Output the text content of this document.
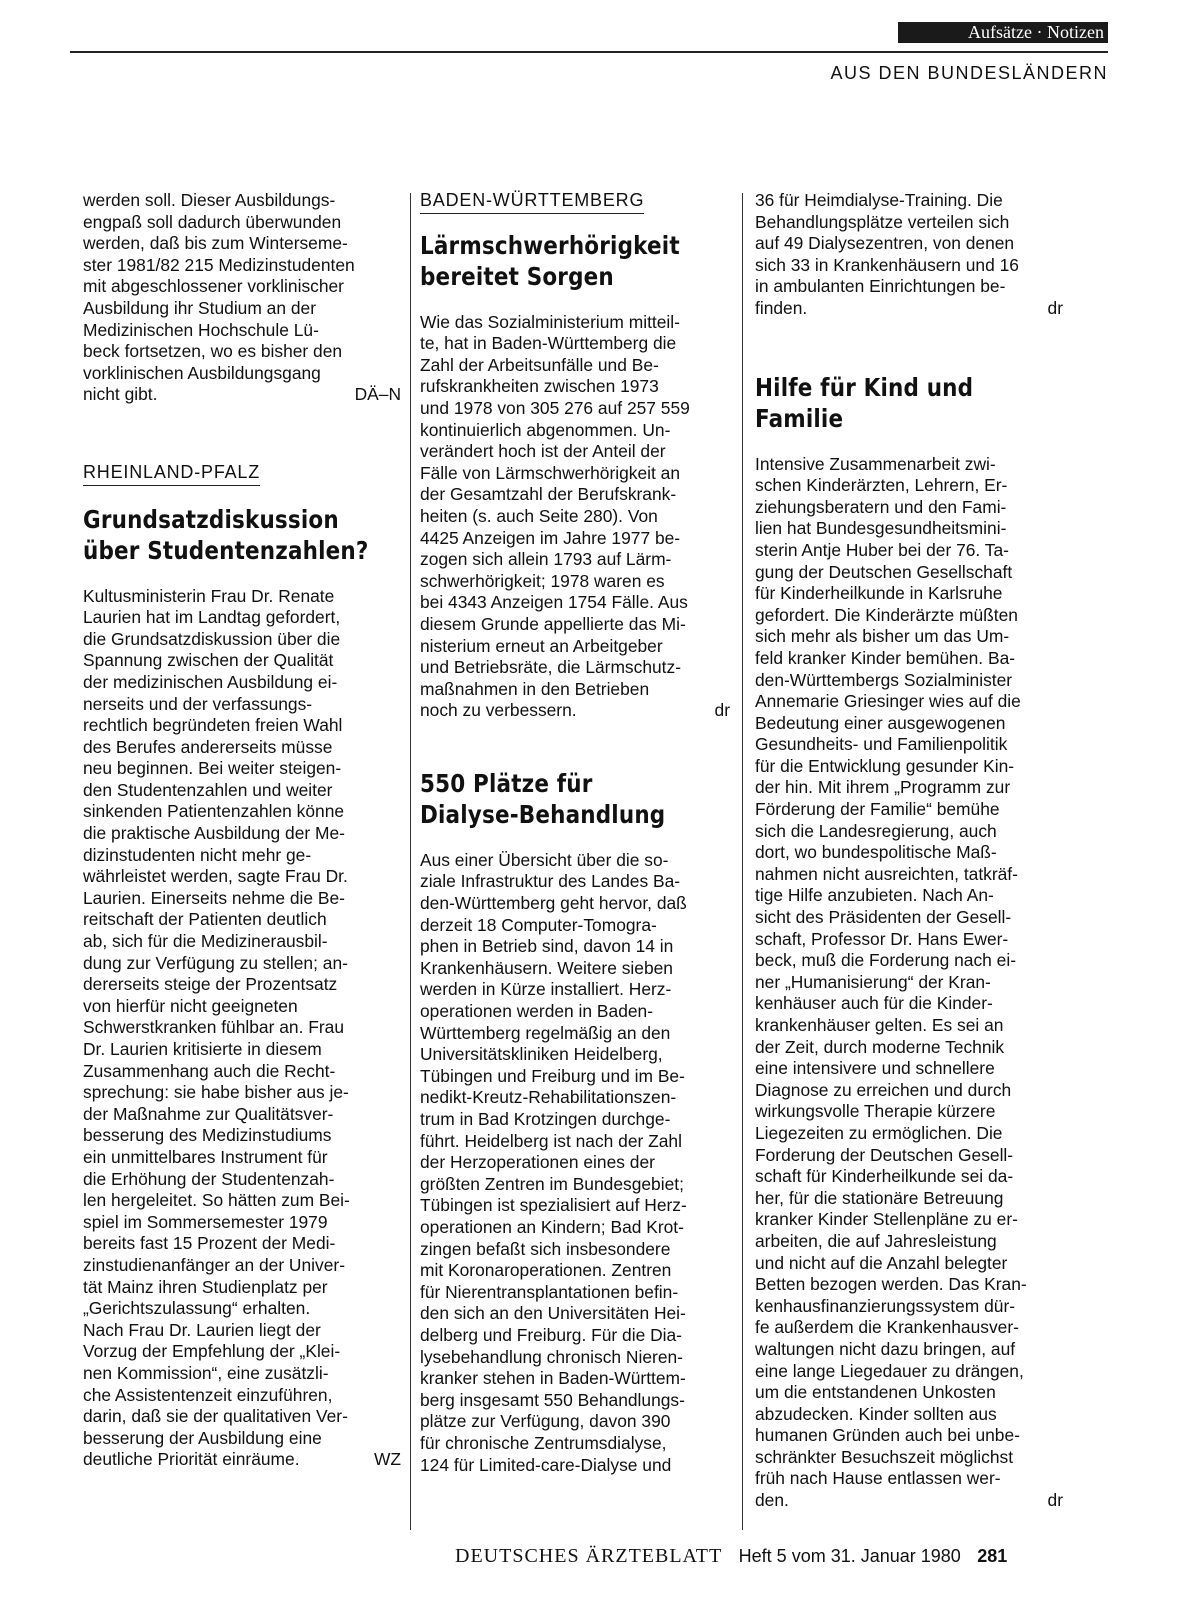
Aufsätze · Notizen
AUS DEN BUNDESLÄNDERN

werden soll. Dieser Ausbildungs-
engpaß soll dadurch überwunden
werden, daß bis zum Winterseme-
ster 1981/82 215 Medizinstudenten
mit abgeschlossener vorklinischer
Ausbildung ihr Studium an der
Medizinischen Hochschule Lü-
beck fortsetzen, wo es bisher den
vorklinischen Ausbildungsgang
nicht gibt.	DÄ–N

RHEINLAND-PFALZ
Grundsatzdiskussion
über Studentenzahlen?

Kultusministerin Frau Dr. Renate
Laurien hat im Landtag gefordert,
die Grundsatzdiskussion über die
Spannung zwischen der Qualität
der medizinischen Ausbildung ei-
nerseits und der verfassungs-
rechtlich begründeten freien Wahl
des Berufes andererseits müsse
neu beginnen. Bei weiter steigen-
den Studentenzahlen und weiter
sinkenden Patientenzahlen könne
die praktische Ausbildung der Me-
dizinstudenten nicht mehr ge-
währleistet werden, sagte Frau Dr.
Laurien. Einerseits nehme die Be-
reitschaft der Patienten deutlich
ab, sich für die Medizinerausbil-
dung zur Verfügung zu stellen; an-
dererseits steige der Prozentsatz
von hierfür nicht geeigneten
Schwerstkranken fühlbar an. Frau
Dr. Laurien kritisierte in diesem
Zusammenhang auch die Recht-
sprechung: sie habe bisher aus je-
der Maßnahme zur Qualitätsver-
besserung des Medizinstudiums
ein unmittelbares Instrument für
die Erhöhung der Studentenzah-
len hergeleitet. So hätten zum Bei-
spiel im Sommersemester 1979
bereits fast 15 Prozent der Medi-
zinstudienanfänger an der Univer-
tät Mainz ihren Studienplatz per
„Gerichtszulassung“ erhalten.
Nach Frau Dr. Laurien liegt der
Vorzug der Empfehlung der „Klei-
nen Kommission“, eine zusätzli-
che Assistentenzeit einzuführen,
darin, daß sie der qualitativen Ver-
besserung der Ausbildung eine
deutliche Priorität einräume.	WZ

BADEN-WÜRTTEMBERG
Lärmschwerhörigkeit
bereitet Sorgen

Wie das Sozialministerium mitteil-
te, hat in Baden-Württemberg die
Zahl der Arbeitsunfälle und Be-
rufskrankheiten zwischen 1973
und 1978 von 305 276 auf 257 559
kontinuierlich abgenommen. Un-
verändert hoch ist der Anteil der
Fälle von Lärmschwerhörigkeit an
der Gesamtzahl der Berufskrank-
heiten (s. auch Seite 280). Von
4425 Anzeigen im Jahre 1977 be-
zogen sich allein 1793 auf Lärm-
schwerhörigkeit; 1978 waren es
bei 4343 Anzeigen 1754 Fälle. Aus
diesem Grunde appellierte das Mi-
nisterium erneut an Arbeitgeber
und Betriebsräte, die Lärmschutz-
maßnahmen in den Betrieben
noch zu verbessern.	dr

550 Plätze für
Dialyse-Behandlung

Aus einer Übersicht über die so-
ziale Infrastruktur des Landes Ba-
den-Württemberg geht hervor, daß
derzeit 18 Computer-Tomogra-
phen in Betrieb sind, davon 14 in
Krankenhäusern. Weitere sieben
werden in Kürze installiert. Herz-
operationen werden in Baden-
Württemberg regelmäßig an den
Universitätskliniken Heidelberg,
Tübingen und Freiburg und im Be-
nedikt-Kreutz-Rehabilitationszen-
trum in Bad Krotzingen durchge-
führt. Heidelberg ist nach der Zahl
der Herzoperationen eines der
größten Zentren im Bundesgebiet;
Tübingen ist spezialisiert auf Herz-
operationen an Kindern; Bad Krot-
zingen befaßt sich insbesondere
mit Koronaroperationen. Zentren
für Nierentransplantationen befin-
den sich an den Universitäten Hei-
delberg und Freiburg. Für die Dia-
lysebehandlung chronisch Nieren-
kranker stehen in Baden-Württem-
berg insgesamt 550 Behandlungs-
plätze zur Verfügung, davon 390
für chronische Zentrumsdialyse,
124 für Limited-care-Dialyse und

36 für Heimdialyse-Training. Die
Behandlungsplätze verteilen sich
auf 49 Dialysezentren, von denen
sich 33 in Krankenhäusern und 16
in ambulanten Einrichtungen be-
finden.	dr

Hilfe für Kind und Familie

Intensive Zusammenarbeit zwi-
schen Kinderärzten, Lehrern, Er-
ziehungsberatern und den Fami-
lien hat Bundesgesundheitsmini-
sterin Antje Huber bei der 76. Ta-
gung der Deutschen Gesellschaft
für Kinderheilkunde in Karlsruhe
gefordert. Die Kinderärzte müßten
sich mehr als bisher um das Um-
feld kranker Kinder bemühen. Ba-
den-Württembergs Sozialminister
Annemarie Griesinger wies auf die
Bedeutung einer ausgewogenen
Gesundheits- und Familienpolitik
für die Entwicklung gesunder Kin-
der hin. Mit ihrem „Programm zur
Förderung der Familie“ bemühe
sich die Landesregierung, auch
dort, wo bundespolitische Maß-
nahmen nicht ausreichten, tatkräf-
tige Hilfe anzubieten. Nach An-
sicht des Präsidenten der Gesell-
schaft, Professor Dr. Hans Ewer-
beck, muß die Forderung nach ei-
ner „Humanisierung“ der Kran-
kenhäuser auch für die Kinder-
krankenhäuser gelten. Es sei an
der Zeit, durch moderne Technik
eine intensivere und schnellere
Diagnose zu erreichen und durch
wirkungsvolle Therapie kürzere
Liegezeiten zu ermöglichen. Die
Forderung der Deutschen Gesell-
schaft für Kinderheilkunde sei da-
her, für die stationäre Betreuung
kranker Kinder Stellenpläne zu er-
arbeiten, die auf Jahresleistung
und nicht auf die Anzahl belegter
Betten bezogen werden. Das Kran-
kenhausfinanzierungssystem dür-
fe außerdem die Krankenhausver-
waltungen nicht dazu bringen, auf
eine lange Liegedauer zu drängen,
um die entstandenen Unkosten
abzudecken. Kinder sollten aus
humanen Gründen auch bei unbe-
schränkter Besuchszeit möglichst
früh nach Hause entlassen wer-
den.	dr

DEUTSCHES ÄRZTEBLATT Heft 5 vom 31. Januar 1980 281
